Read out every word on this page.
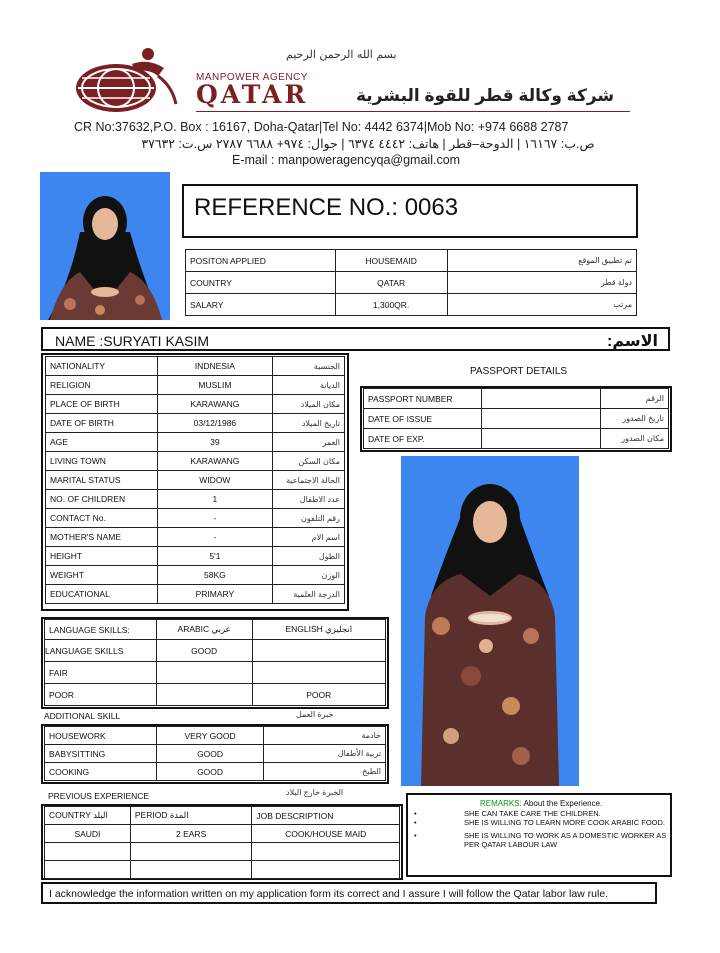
بسم الله الرحمن الرحيم
MANPOWER AGENCY
QATAR	شركة وكالة قطر للقوة البشرية
CR No:37632,P.O. Box : 16167, Doha-Qatar|Tel No: 4442 6374|Mob No: +974 6688 2787
ص.ب: ١٦١٦٧ | الدوحة–قطر | هاتف: ٤٤٤٢ ٦٣٧٤ | جوال: ٩٧٤+ ٦٦٨٨ ٢٧٨٧ س.ت: ٣٧٦٣٢
E-mail : manpoweragencyqa@gmail.com
REFERENCE NO.: 0063
POSITON APPLIED	HOUSEMAID	تم تطبيق الموقع
COUNTRY	QATAR	دولة قطر
SALARY	1,300QR.	مرتب
NAME :SURYATI KASIM	الاسم:
NATIONALITY	INDNESIA	الجنسية
RELIGION	MUSLIM	الديانة
PLACE OF BIRTH	KARAWANG	مكان الميلاد
DATE OF BIRTH	03/12/1986	تاريخ الميلاد
AGE	39	العمر
LIVING TOWN	KARAWANG	مكان السكن
MARITAL STATUS	WIDOW	الحالة الاجتماعية
NO. OF CHILDREN	1	عدد الاطفال
CONTACT No.	-	رقم التلفون
MOTHER'S NAME	-	اسم الام
HEIGHT	5'1	الطول
WEIGHT	58KG	الوزن
EDUCATIONAL	PRIMARY	الدرجة العلمية
PASSPORT DETAILS
PASSPORT NUMBER		الرقم
DATE OF ISSUE		تاريخ الصدور
DATE OF EXP.		مكان الصدور
LANGUAGE SKILLS:	ARABIC عربي	ENGLISH انجليزي
LANGUAGE SKILLS	GOOD	
FAIR		
POOR		POOR
ADDITIONAL SKILL	خبرة العمل
HOUSEWORK	VERY GOOD	خادمة
BABYSITTING	GOOD	تربية الأطفال
COOKING	GOOD	الطبخ
PREVIOUS EXPERIENCE	الخبرة خارج البلاد
COUNTRY البلد	PERIOD المدة	JOB DESCRIPTION
SAUDI	2 EARS	COOK/HOUSE MAID

REMARKS: About the Experience.
•	SHE CAN TAKE CARE THE CHILDREN.
•	SHE IS WILLING TO LEARN MORE COOK ARABIC FOOD.
•	SHE IS WILLING TO WORK AS A DOMESTIC WORKER AS PER QATAR LABOUR LAW
I acknowledge the information written on my application form its correct and I assure I will follow the Qatar labor law rule.
